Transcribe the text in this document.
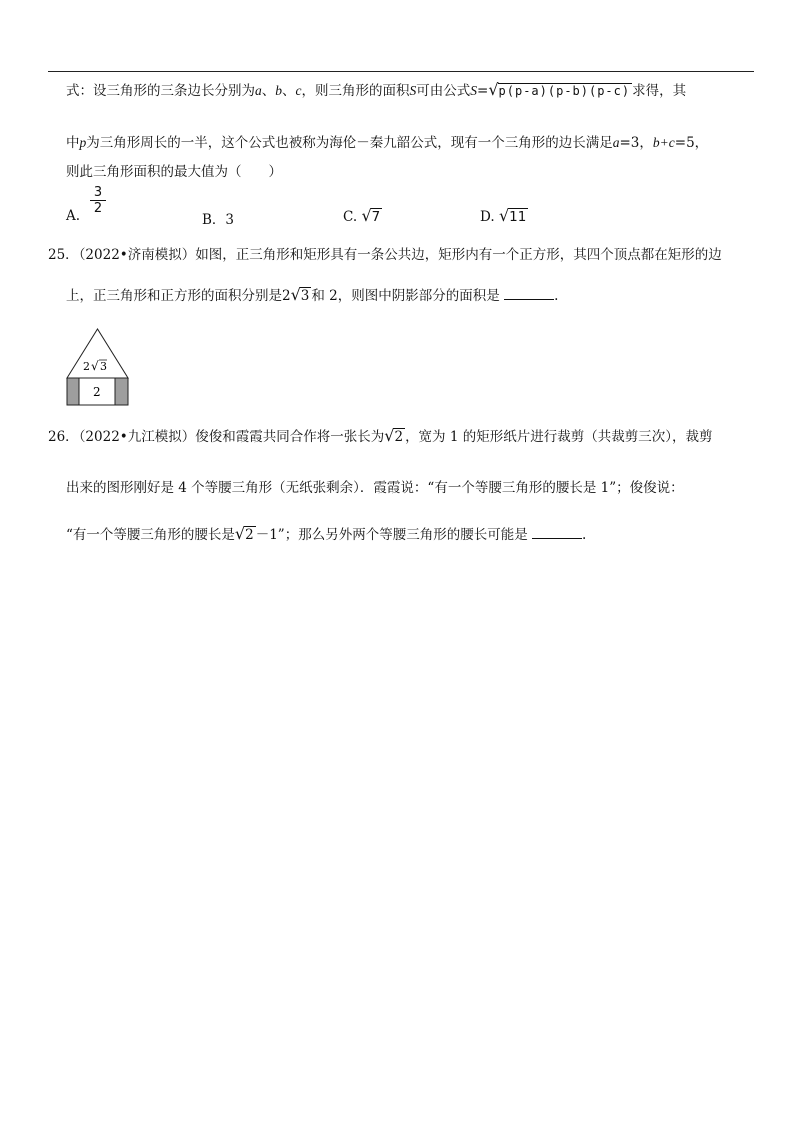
式：设三角形的三条边长分别为a、b、c，则三角形的面积S可由公式S=√p(p-a)(p-b)(p-c) 求得，其
中p为三角形周长的一半，这个公式也被称为海伦－秦九韶公式，现有一个三角形的边长满足a=3，b+c=5，
则此三角形面积的最大值为（　　）
A. $\frac{3}{2}$
B．3	C. √7	D. √11
25．（2022•济南模拟）如图，正三角形和矩形具有一条公共边，矩形内有一个正方形，其四个顶点都在矩形的边
上，正三角形和正方形的面积分别是2√3 和 2，则图中阴影部分的面积是	.
2 √ 3
2
26．（2022•九江模拟）俊俊和霞霞共同合作将一张长为√2 ，宽为 1 的矩形纸片进行裁剪（共裁剪三次），裁剪
出来的图形刚好是 4 个等腰三角形（无纸张剩余）．霞霞说：“有一个等腰三角形的腰长是 1”；俊俊说：
“有一个等腰三角形的腰长是√2 －1”；那么另外两个等腰三角形的腰长可能是	.
